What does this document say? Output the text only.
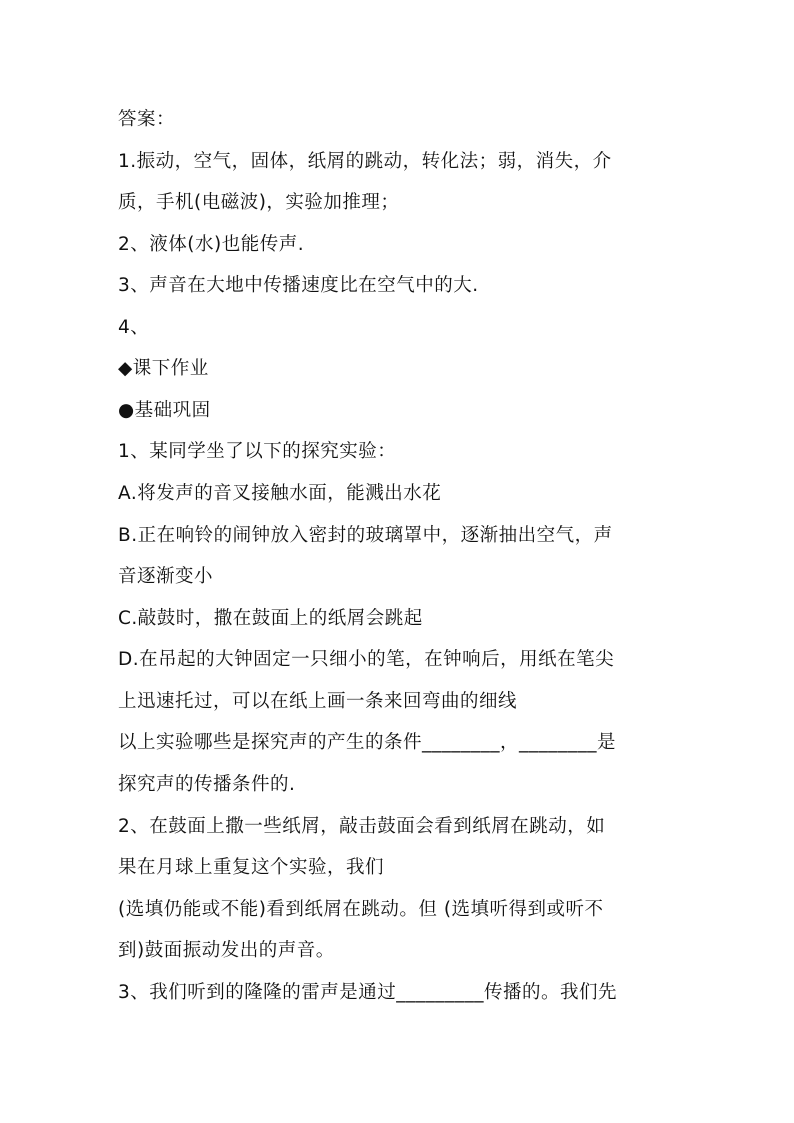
答案：
1.振动，空气，固体，纸屑的跳动，转化法；弱，消失，介
质，手机(电磁波)，实验加推理；
2、液体(水)也能传声.
3、声音在大地中传播速度比在空气中的大.
4、
◆课下作业
●基础巩固
1、某同学坐了以下的探究实验：
A.将发声的音叉接触水面，能溅出水花
B.正在响铃的闹钟放入密封的玻璃罩中，逐渐抽出空气，声
音逐渐变小
C.敲鼓时，撒在鼓面上的纸屑会跳起
D.在吊起的大钟固定一只细小的笔，在钟响后，用纸在笔尖
上迅速托过，可以在纸上画一条来回弯曲的细线
以上实验哪些是探究声的产生的条件________，________是
探究声的传播条件的.
2、在鼓面上撒一些纸屑，敲击鼓面会看到纸屑在跳动，如
果在月球上重复这个实验，我们
(选填仍能或不能)看到纸屑在跳动。但 (选填听得到或听不
到)鼓面振动发出的声音。
3、我们听到的隆隆的雷声是通过_________传播的。我们先
